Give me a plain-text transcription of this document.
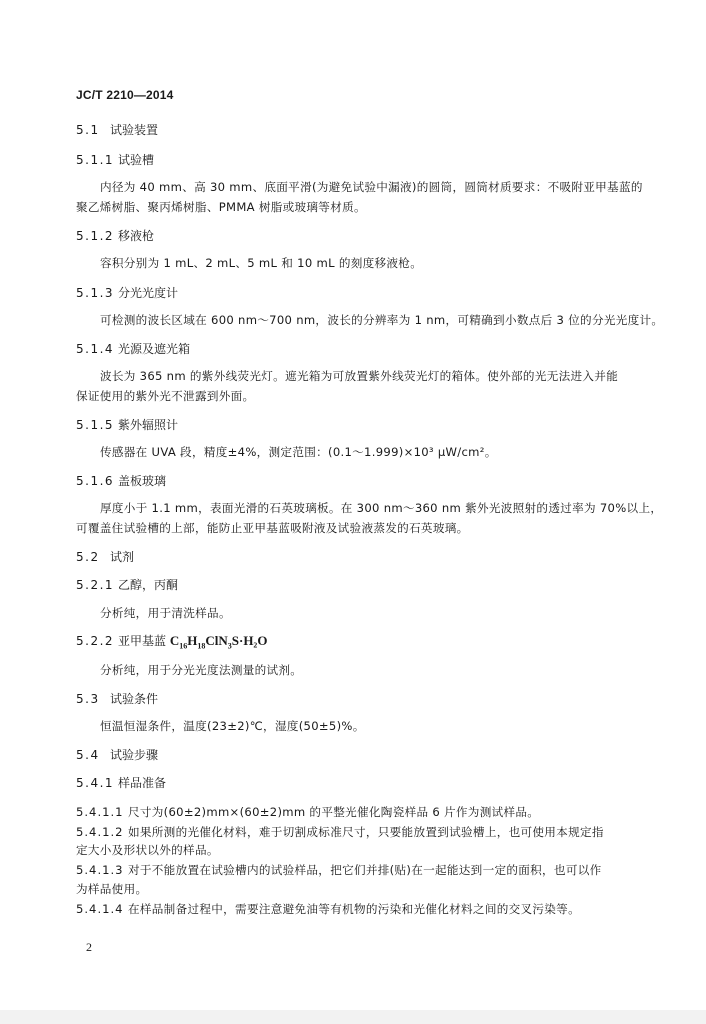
JC/T 2210—2014
5.1 试验装置
5.1.1 试验槽
内径为 40 mm、高 30 mm、底面平滑(为避免试验中漏液)的圆筒，圆筒材质要求：不吸附亚甲基蓝的
聚乙烯树脂、聚丙烯树脂、PMMA 树脂或玻璃等材质。
5.1.2 移液枪
容积分别为 1 mL、2 mL、5 mL 和 10 mL 的刻度移液枪。
5.1.3 分光光度计
可检测的波长区域在 600 nm～700 nm，波长的分辨率为 1 nm，可精确到小数点后 3 位的分光光度计。
5.1.4 光源及遮光箱
波长为 365 nm 的紫外线荧光灯。遮光箱为可放置紫外线荧光灯的箱体。使外部的光无法进入并能
保证使用的紫外光不泄露到外面。
5.1.5 紫外辐照计
传感器在 UVA 段，精度±4%，测定范围：(0.1～1.999)×10³ μW/cm²。
5.1.6 盖板玻璃
厚度小于 1.1 mm，表面光滑的石英玻璃板。在 300 nm～360 nm 紫外光波照射的透过率为 70%以上，
可覆盖住试验槽的上部，能防止亚甲基蓝吸附液及试验液蒸发的石英玻璃。
5.2 试剂
5.2.1 乙醇，丙酮
分析纯，用于清洗样品。
5.2.2 亚甲基蓝 $C_{16}H_{18}ClN_3S\cdot H_2O$
分析纯，用于分光光度法测量的试剂。
5.3 试验条件
恒温恒湿条件，温度(23±2)℃，湿度(50±5)%。
5.4 试验步骤
5.4.1 样品准备
5.4.1.1 尺寸为(60±2)mm×(60±2)mm 的平整光催化陶瓷样品 6 片作为测试样品。
5.4.1.2 如果所测的光催化材料，难于切割成标准尺寸，只要能放置到试验槽上，也可使用本规定指
定大小及形状以外的样品。
5.4.1.3 对于不能放置在试验槽内的试验样品，把它们并排(贴)在一起能达到一定的面积，也可以作
为样品使用。
5.4.1.4 在样品制备过程中，需要注意避免油等有机物的污染和光催化材料之间的交叉污染等。
2
